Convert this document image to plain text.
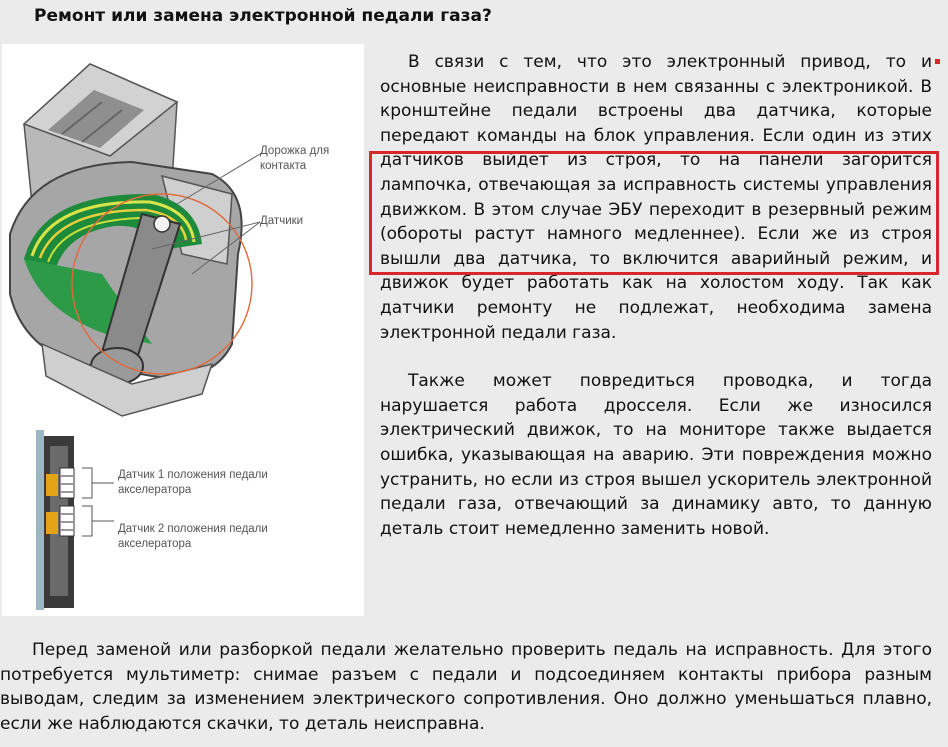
Ремонт или замена электронной педали газа?
Дорожка для
контакта
Датчики
Датчик 1 положения педали
акселератора
Датчик 2 положения педали
акселератора

В связи с тем, что это электронный привод, то и основные неисправности в нем связанны с электроникой. В кронштейне педали встроены два датчика, которые передают команды на блок управления. Если один из этих датчиков выйдет из строя, то на панели загорится лампочка, отвечающая за исправность системы управления движком. В этом случае ЭБУ переходит в резервный режим (обороты растут намного медленнее). Если же из строя вышли два датчика, то включится аварийный режим, и движок будет работать как на холостом ходу. Так как датчики ремонту не подлежат, необходима замена электронной педали газа.

Также может повредиться проводка, и тогда нарушается работа дросселя. Если же износился электрический движок, то на мониторе также выдается ошибка, указывающая на аварию. Эти повреждения можно устранить, но если из строя вышел ускоритель электронной педали газа, отвечающий за динамику авто, то данную деталь стоит немедленно заменить новой.

Перед заменой или разборкой педали желательно проверить педаль на исправность. Для этого потребуется мультиметр: снимае разъем с педали и подсоединяем контакты прибора разным выводам, следим за изменением электрического сопротивления. Оно должно уменьшаться плавно, если же наблюдаются скачки, то деталь неисправна.
